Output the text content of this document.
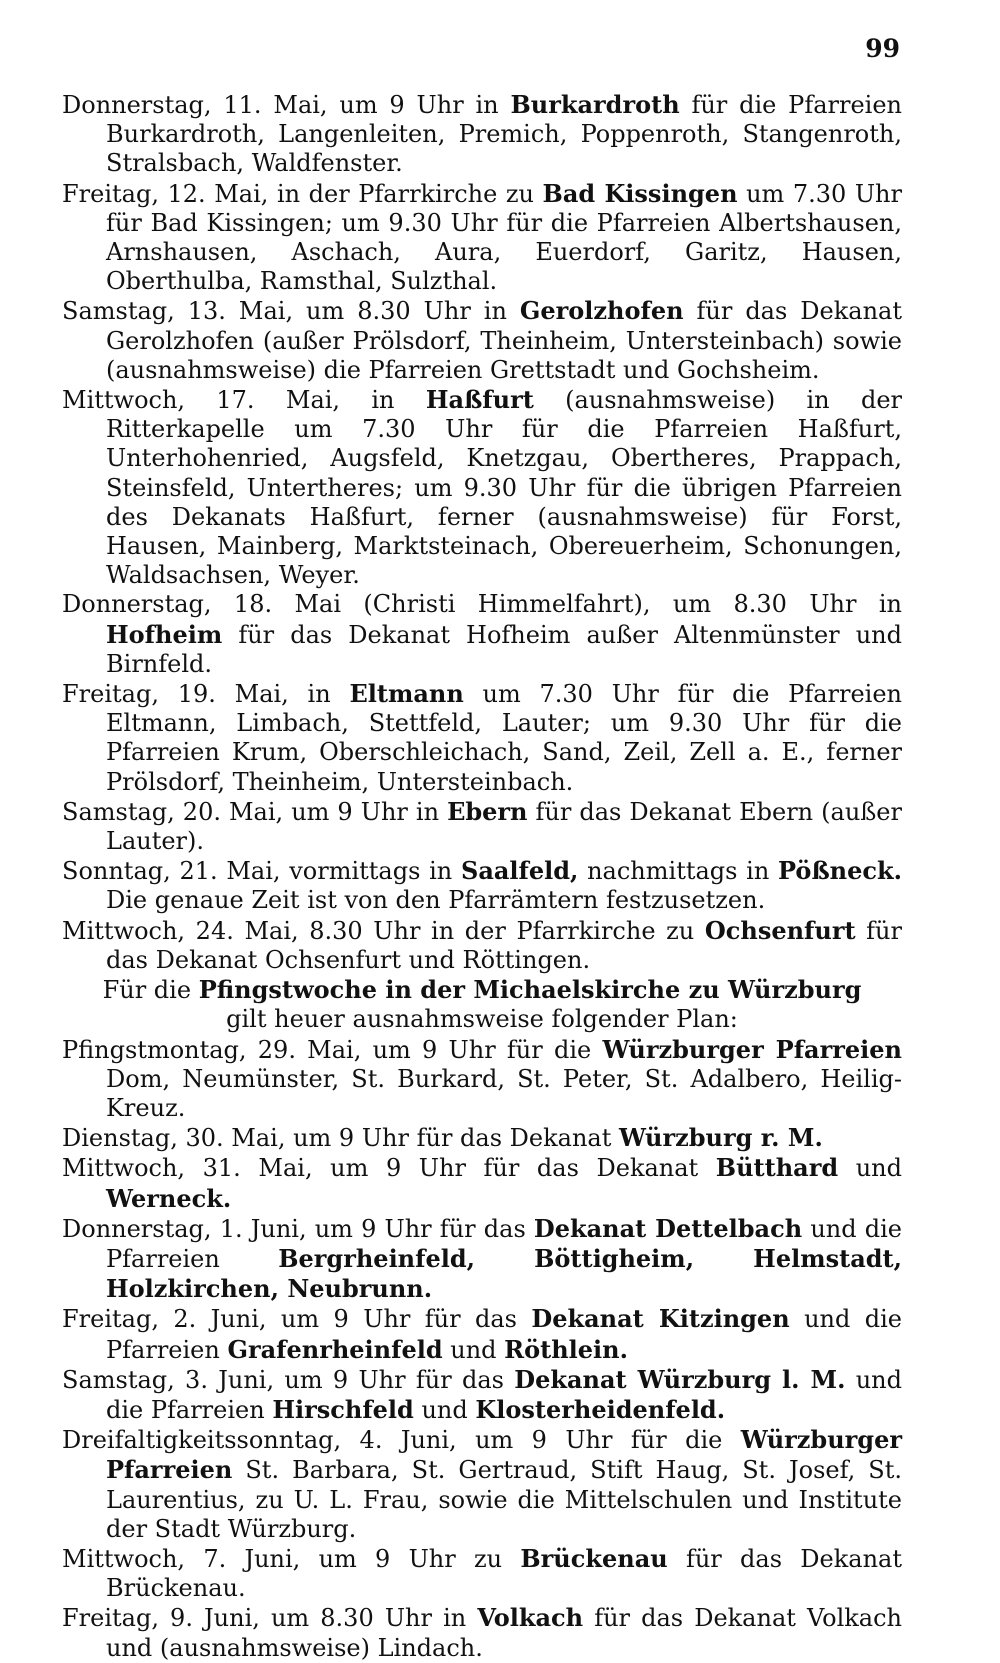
99

Donnerstag, 11. Mai, um 9 Uhr in Burkardroth für die Pfarreien Burkardroth, Langenleiten, Premich, Poppenroth, Stangenroth, Stralsbach, Waldfenster.

Freitag, 12. Mai, in der Pfarrkirche zu Bad Kissingen um 7.30 Uhr für Bad Kissingen; um 9.30 Uhr für die Pfarreien Albertshausen, Arnshausen, Aschach, Aura, Euerdorf, Garitz, Hausen, Oberthulba, Ramsthal, Sulzthal.

Samstag, 13. Mai, um 8.30 Uhr in Gerolzhofen für das Dekanat Gerolzhofen (außer Prölsdorf, Theinheim, Untersteinbach) sowie (ausnahmsweise) die Pfarreien Grettstadt und Gochsheim.

Mittwoch, 17. Mai, in Haßfurt (ausnahmsweise) in der Ritterkapelle um 7.30 Uhr für die Pfarreien Haßfurt, Unterhohenried, Augsfeld, Knetzgau, Obertheres, Prappach, Steinsfeld, Untertheres; um 9.30 Uhr für die übrigen Pfarreien des Dekanats Haßfurt, ferner (ausnahmsweise) für Forst, Hausen, Mainberg, Marktsteinach, Obereuerheim, Schonungen, Waldsachsen, Weyer.

Donnerstag, 18. Mai (Christi Himmelfahrt), um 8.30 Uhr in Hofheim für das Dekanat Hofheim außer Altenmünster und Birnfeld.

Freitag, 19. Mai, in Eltmann um 7.30 Uhr für die Pfarreien Eltmann, Limbach, Stettfeld, Lauter; um 9.30 Uhr für die Pfarreien Krum, Oberschleichach, Sand, Zeil, Zell a. E., ferner Prölsdorf, Theinheim, Untersteinbach.

Samstag, 20. Mai, um 9 Uhr in Ebern für das Dekanat Ebern (außer Lauter).

Sonntag, 21. Mai, vormittags in Saalfeld, nachmittags in Pößneck. Die genaue Zeit ist von den Pfarrämtern festzusetzen.

Mittwoch, 24. Mai, 8.30 Uhr in der Pfarrkirche zu Ochsenfurt für das Dekanat Ochsenfurt und Röttingen.

Für die Pfingstwoche in der Michaelskirche zu Würzburg
gilt heuer ausnahmsweise folgender Plan:

Pfingstmontag, 29. Mai, um 9 Uhr für die Würzburger Pfarreien Dom, Neumünster, St. Burkard, St. Peter, St. Adalbero, Heilig-Kreuz.

Dienstag, 30. Mai, um 9 Uhr für das Dekanat Würzburg r. M.

Mittwoch, 31. Mai, um 9 Uhr für das Dekanat Bütthard und Werneck.

Donnerstag, 1. Juni, um 9 Uhr für das Dekanat Dettelbach und die Pfarreien Bergrheinfeld, Böttigheim, Helmstadt, Holzkirchen, Neubrunn.

Freitag, 2. Juni, um 9 Uhr für das Dekanat Kitzingen und die Pfarreien Grafenrheinfeld und Röthlein.

Samstag, 3. Juni, um 9 Uhr für das Dekanat Würzburg l. M. und die Pfarreien Hirschfeld und Klosterheidenfeld.

Dreifaltigkeitssonntag, 4. Juni, um 9 Uhr für die Würzburger Pfarreien St. Barbara, St. Gertraud, Stift Haug, St. Josef, St. Laurentius, zu U. L. Frau, sowie die Mittelschulen und Institute der Stadt Würzburg.

Mittwoch, 7. Juni, um 9 Uhr zu Brückenau für das Dekanat Brückenau.

Freitag, 9. Juni, um 8.30 Uhr in Volkach für das Dekanat Volkach und (ausnahmsweise) Lindach.
